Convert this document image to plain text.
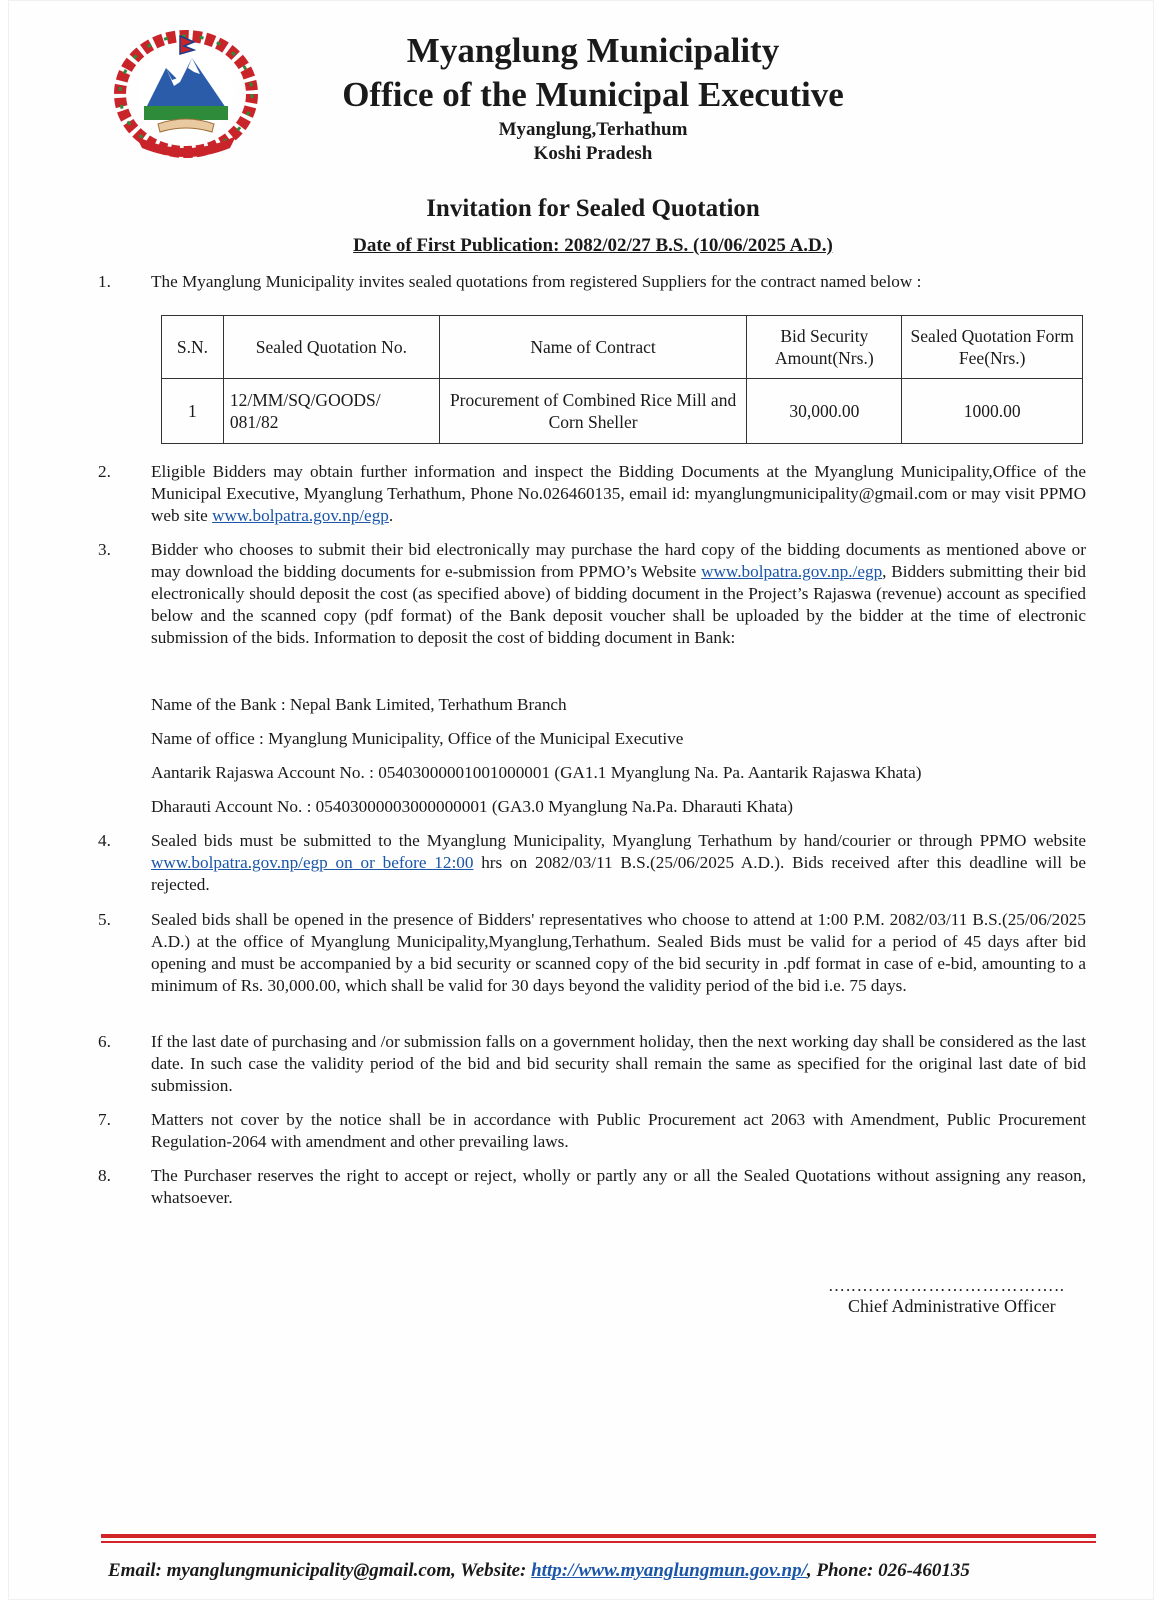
Myanglung Municipality
Office of the Municipal Executive
Myanglung,Terhathum
Koshi Pradesh
Invitation for Sealed Quotation
Date of First Publication: 2082/02/27 B.S. (10/06/2025 A.D.)
1.	The Myanglung Municipality invites sealed quotations from registered Suppliers for the contract named below :
S.N.	Sealed Quotation No.	Name of Contract	Bid Security Amount(Nrs.)	Sealed Quotation Form Fee(Nrs.)
1	12/MM/SQ/GOODS/ 081/82	Procurement of Combined Rice Mill and Corn Sheller	30,000.00	1000.00
2.	Eligible Bidders may obtain further information and inspect the Bidding Documents at the Myanglung Municipality,Office of the Municipal Executive, Myanglung Terhathum, Phone No.026460135, email id: myanglungmunicipality@gmail.com or may visit PPMO web site www.bolpatra.gov.np/egp.
3.	Bidder who chooses to submit their bid electronically may purchase the hard copy of the bidding documents as mentioned above or may download the bidding documents for e-submission from PPMO’s Website www.bolpatra.gov.np./egp, Bidders submitting their bid electronically should deposit the cost (as specified above) of bidding document in the Project’s Rajaswa (revenue) account as specified below and the scanned copy (pdf format) of the Bank deposit voucher shall be uploaded by the bidder at the time of electronic submission of the bids. Information to deposit the cost of bidding document in Bank:
Name of the Bank : Nepal Bank Limited, Terhathum Branch
Name of office : Myanglung Municipality, Office of the Municipal Executive
Aantarik Rajaswa Account No. : 05403000001001000001 (GA1.1 Myanglung Na. Pa. Aantarik Rajaswa Khata)
Dharauti Account No. : 05403000003000000001 (GA3.0 Myanglung Na.Pa. Dharauti Khata)
4.	Sealed bids must be submitted to the Myanglung Municipality, Myanglung Terhathum by hand/courier or through PPMO website www.bolpatra.gov.np/egp on or before 12:00 hrs on 2082/03/11 B.S.(25/06/2025 A.D.). Bids received after this deadline will be rejected.
5.	Sealed bids shall be opened in the presence of Bidders' representatives who choose to attend at 1:00 P.M. 2082/03/11 B.S.(25/06/2025 A.D.) at the office of Myanglung Municipality,Myanglung,Terhathum. Sealed Bids must be valid for a period of 45 days after bid opening and must be accompanied by a bid security or scanned copy of the bid security in .pdf format in case of e-bid, amounting to a minimum of Rs. 30,000.00, which shall be valid for 30 days beyond the validity period of the bid i.e. 75 days.
6.	If the last date of purchasing and /or submission falls on a government holiday, then the next working day shall be considered as the last date. In such case the validity period of the bid and bid security shall remain the same as specified for the original last date of bid submission.
7.	Matters not cover by the notice shall be in accordance with Public Procurement act 2063 with Amendment, Public Procurement Regulation-2064 with amendment and other prevailing laws.
8.	The Purchaser reserves the right to accept or reject, wholly or partly any or all the Sealed Quotations without assigning any reason, whatsoever.
…..……………………………..
Chief Administrative Officer
Email: myanglungmunicipality@gmail.com, Website: http://www.myanglungmun.gov.np/, Phone: 026-460135
